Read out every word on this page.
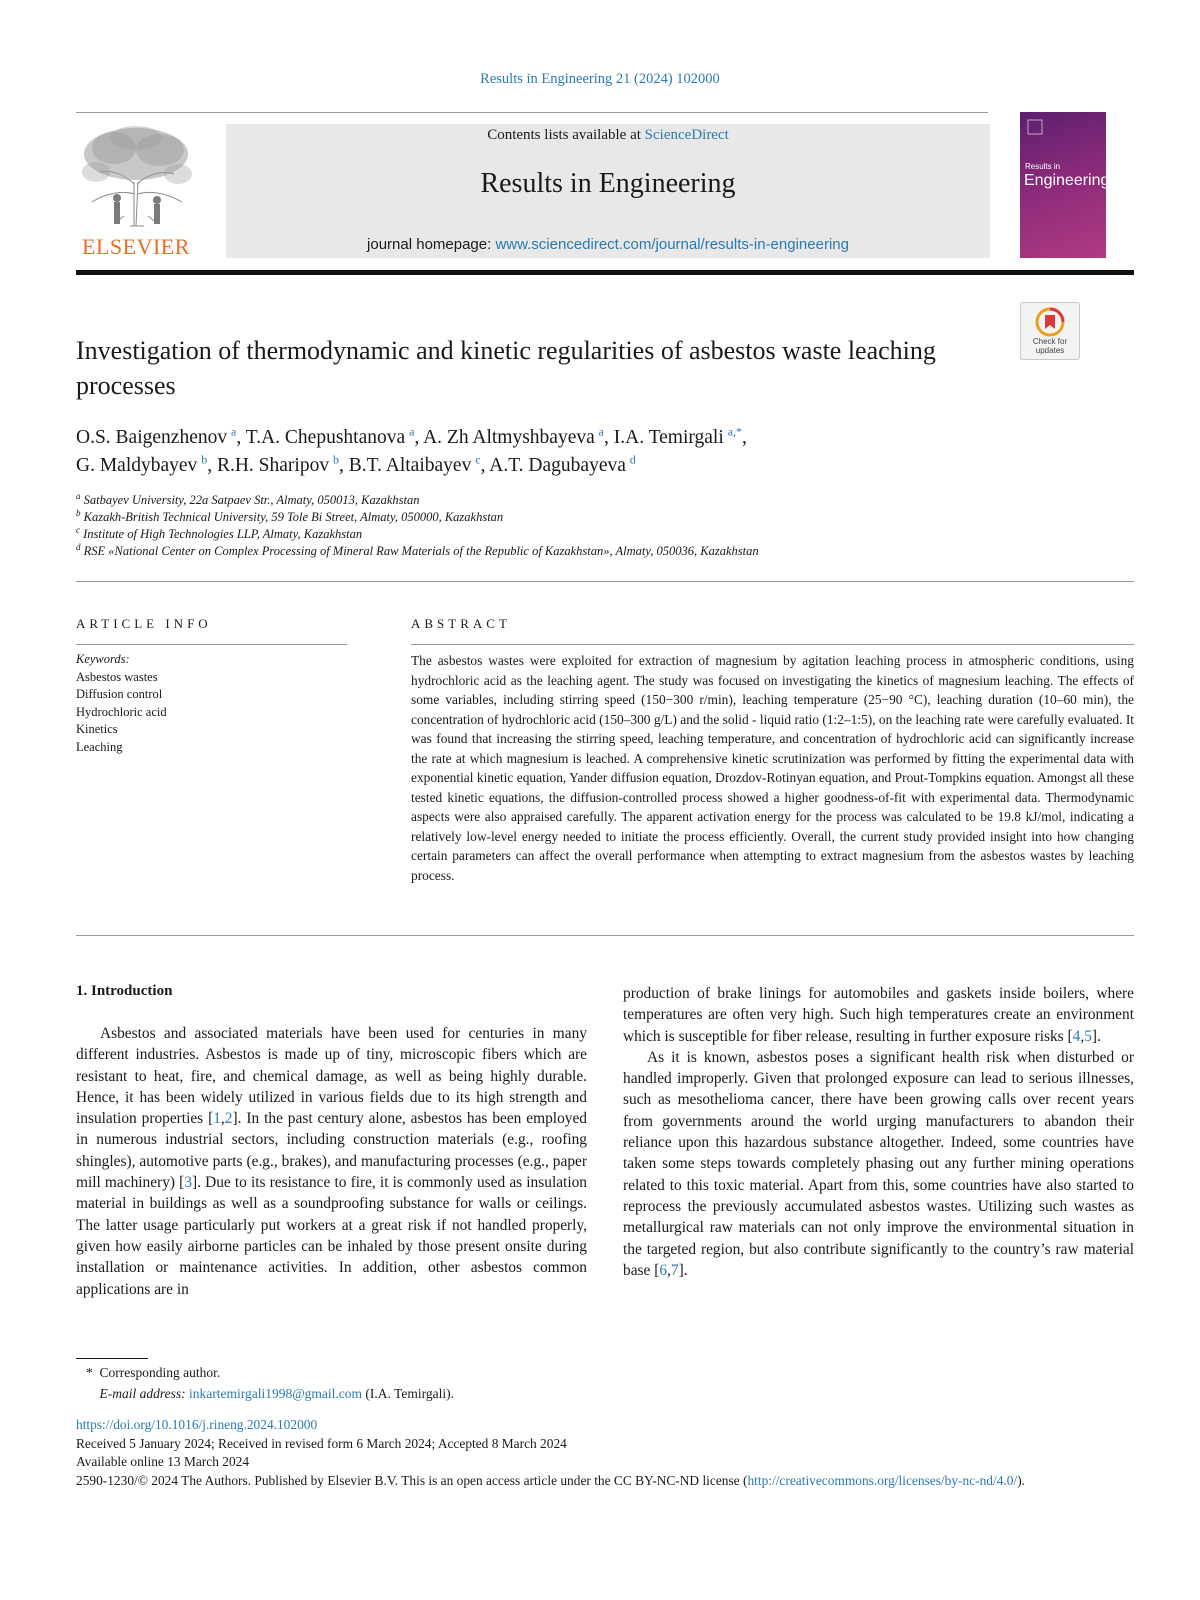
Results in Engineering 21 (2024) 102000
ELSEVIER
Contents lists available at ScienceDirect
Results in Engineering
journal homepage: www.sciencedirect.com/journal/results-in-engineering
Results in
Engineering
Investigation of thermodynamic and kinetic regularities of asbestos waste leaching processes
Check for
updates
O.S. Baigenzhenov  $^a$, T.A. Chepushtanova  $^a$, A. Zh Altmyshbayeva  $^a$, I.A. Temirgali  $^{a,*}$,
G. Maldybayev  $^b$, R.H. Sharipov  $^b$, B.T. Altaibayev  $^c$, A.T. Dagubayeva  $^d$
$^a$ Satbayev University, 22a Satpaev Str., Almaty, 050013, Kazakhstan
$^b$ Kazakh-British Technical University, 59 Tole Bi Street, Almaty, 050000, Kazakhstan
$^c$ Institute of High Technologies LLP, Almaty, Kazakhstan
$^d$ RSE «National Center on Complex Processing of Mineral Raw Materials of the Republic of Kazakhstan», Almaty, 050036, Kazakhstan
ARTICLE INFO	ABSTRACT
Keywords:
Asbestos wastes
Diffusion control
Hydrochloric acid
Kinetics
Leaching
The asbestos wastes were exploited for extraction of magnesium by agitation leaching process in atmospheric conditions, using hydrochloric acid as the leaching agent. The study was focused on investigating the kinetics of magnesium leaching. The effects of some variables, including stirring speed (150−300 r/min), leaching temperature (25−90 °C), leaching duration (10–60 min), the concentration of hydrochloric acid (150–300 g/L) and the solid - liquid ratio (1:2–1:5), on the leaching rate were carefully evaluated. It was found that increasing the stirring speed, leaching temperature, and concentration of hydrochloric acid can significantly increase the rate at which magnesium is leached. A comprehensive kinetic scrutinization was performed by fitting the experimental data with exponential kinetic equation, Yander diffusion equation, Drozdov-Rotinyan equation, and Prout-Tompkins equation. Amongst all these tested kinetic equations, the diffusion-controlled process showed a higher goodness-of-fit with experimental data. Thermodynamic aspects were also appraised carefully. The apparent activation energy for the process was calculated to be 19.8 kJ/mol, indicating a relatively low-level energy needed to initiate the process efficiently. Overall, the current study provided insight into how changing certain parameters can affect the overall performance when attempting to extract magnesium from the asbestos wastes by leaching process.
1. Introduction
Asbestos and associated materials have been used for centuries in many different industries. Asbestos is made up of tiny, microscopic fibers which are resistant to heat, fire, and chemical damage, as well as being highly durable. Hence, it has been widely utilized in various fields due to its high strength and insulation properties [1,2]. In the past century alone, asbestos has been employed in numerous industrial sectors, including construction materials (e.g., roofing shingles), automotive parts (e.g., brakes), and manufacturing processes (e.g., paper mill machinery) [3]. Due to its resistance to fire, it is commonly used as insulation material in buildings as well as a soundproofing substance for walls or ceilings. The latter usage particularly put workers at a great risk if not handled properly, given how easily airborne particles can be inhaled by those present onsite during installation or maintenance activities. In addition, other asbestos common applications are in
production of brake linings for automobiles and gaskets inside boilers, where temperatures are often very high. Such high temperatures create an environment which is susceptible for fiber release, resulting in further exposure risks [4,5].
As it is known, asbestos poses a significant health risk when disturbed or handled improperly. Given that prolonged exposure can lead to serious illnesses, such as mesothelioma cancer, there have been growing calls over recent years from governments around the world urging manufacturers to abandon their reliance upon this hazardous substance altogether. Indeed, some countries have taken some steps towards completely phasing out any further mining operations related to this toxic material. Apart from this, some countries have also started to reprocess the previously accumulated asbestos wastes. Utilizing such wastes as metallurgical raw materials can not only improve the environmental situation in the targeted region, but also contribute significantly to the country’s raw material base [6,7].
* Corresponding author.
E-mail address: inkartemirgali1998@gmail.com (I.A. Temirgali).
https://doi.org/10.1016/j.rineng.2024.102000
Received 5 January 2024; Received in revised form 6 March 2024; Accepted 8 March 2024
Available online 13 March 2024
2590-1230/© 2024 The Authors. Published by Elsevier B.V. This is an open access article under the CC BY-NC-ND license (http://creativecommons.org/licenses/by-nc-nd/4.0/).
